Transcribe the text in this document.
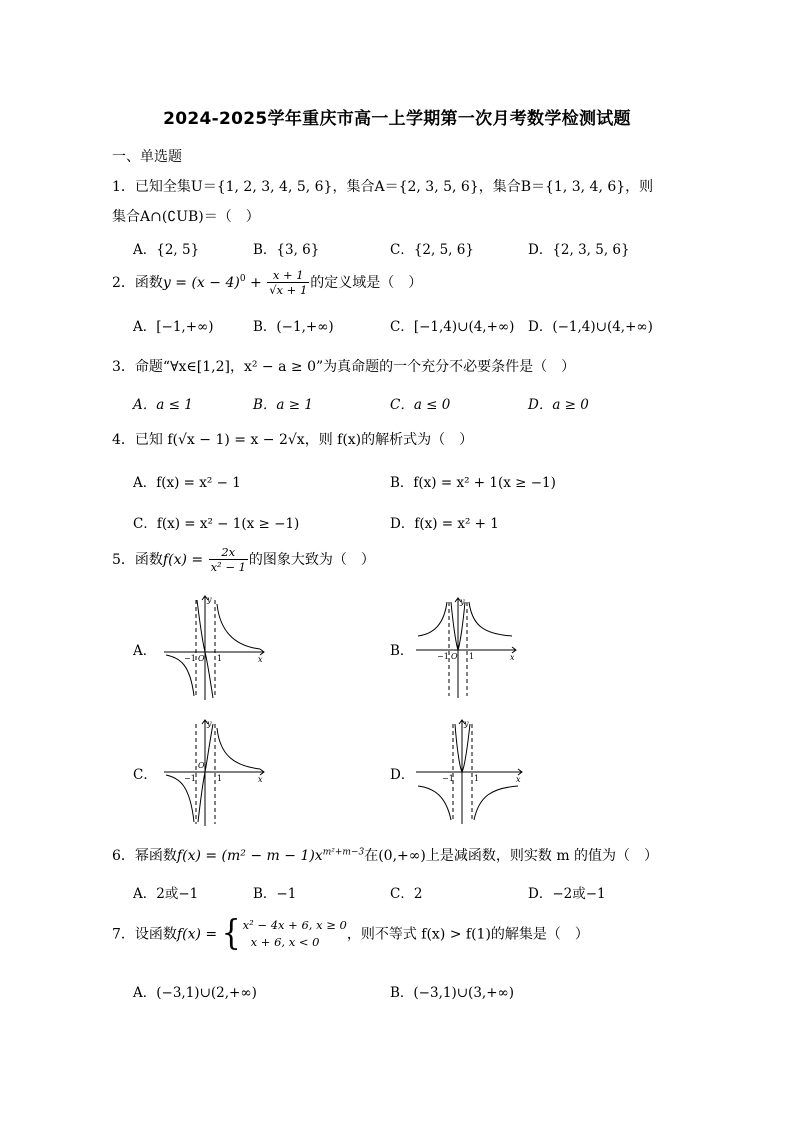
2024-2025学年重庆市高一上学期第一次月考数学检测试题
一、单选题
1．已知全集U＝{1, 2, 3, 4, 5, 6}，集合A＝{2, 3, 5, 6}，集合B＝{1, 3, 4, 6}，则
集合A∩(∁UB)＝（　）
A．{2, 5}	B．{3, 6}	C．{2, 5, 6}	D．{2, 3, 5, 6}
2．函数$y = (x - 4)^0 + \frac{x + 1}{√x + 1}$ 的定义域是（　）
A．[−1,+∞)	B．(−1,+∞)	C．[−1,4)∪(4,+∞) D．(−1,4)∪(4,+∞)
3．命题“∀x∈[1,2]，x² − a ≥ 0”为真命题的一个充分不必要条件是（　）
A．a ≤ 1	B．a ≥ 1	C．a ≤ 0	D．a ≥ 0
4．已知 f(√x − 1) = x − 2√x，则 f(x)的解析式为（　）
A．f(x) = x² − 1	B．f(x) = x² + 1(x ≥ −1)
C．f(x) = x² − 1(x ≥ −1)	D．f(x) = x² + 1
5．函数$f(x) = \frac{2x}{\text{x² − 1}}$ 的图象大致为（　）
A．	B．
C．	D．
y
x
O
−1	1
y
x
O
−1	1
y
x
O
−1	1
y
x
−1	1
6．幂函数$f(x) = (m^2 - m - 1)x^{m^2+m-3}$在(0,+∞)上是减函数，则实数 m 的值为（　）
A．2或−1	B．−1	C．2	D．−2或−1
7．设函数f(x) = { x² − 4x + 6, x ≥ 0
x + 6, x < 0	，则不等式 f(x) > f(1)的解集是（　）
A．(−3,1)∪(2,+∞)	B．(−3,1)∪(3,+∞)
